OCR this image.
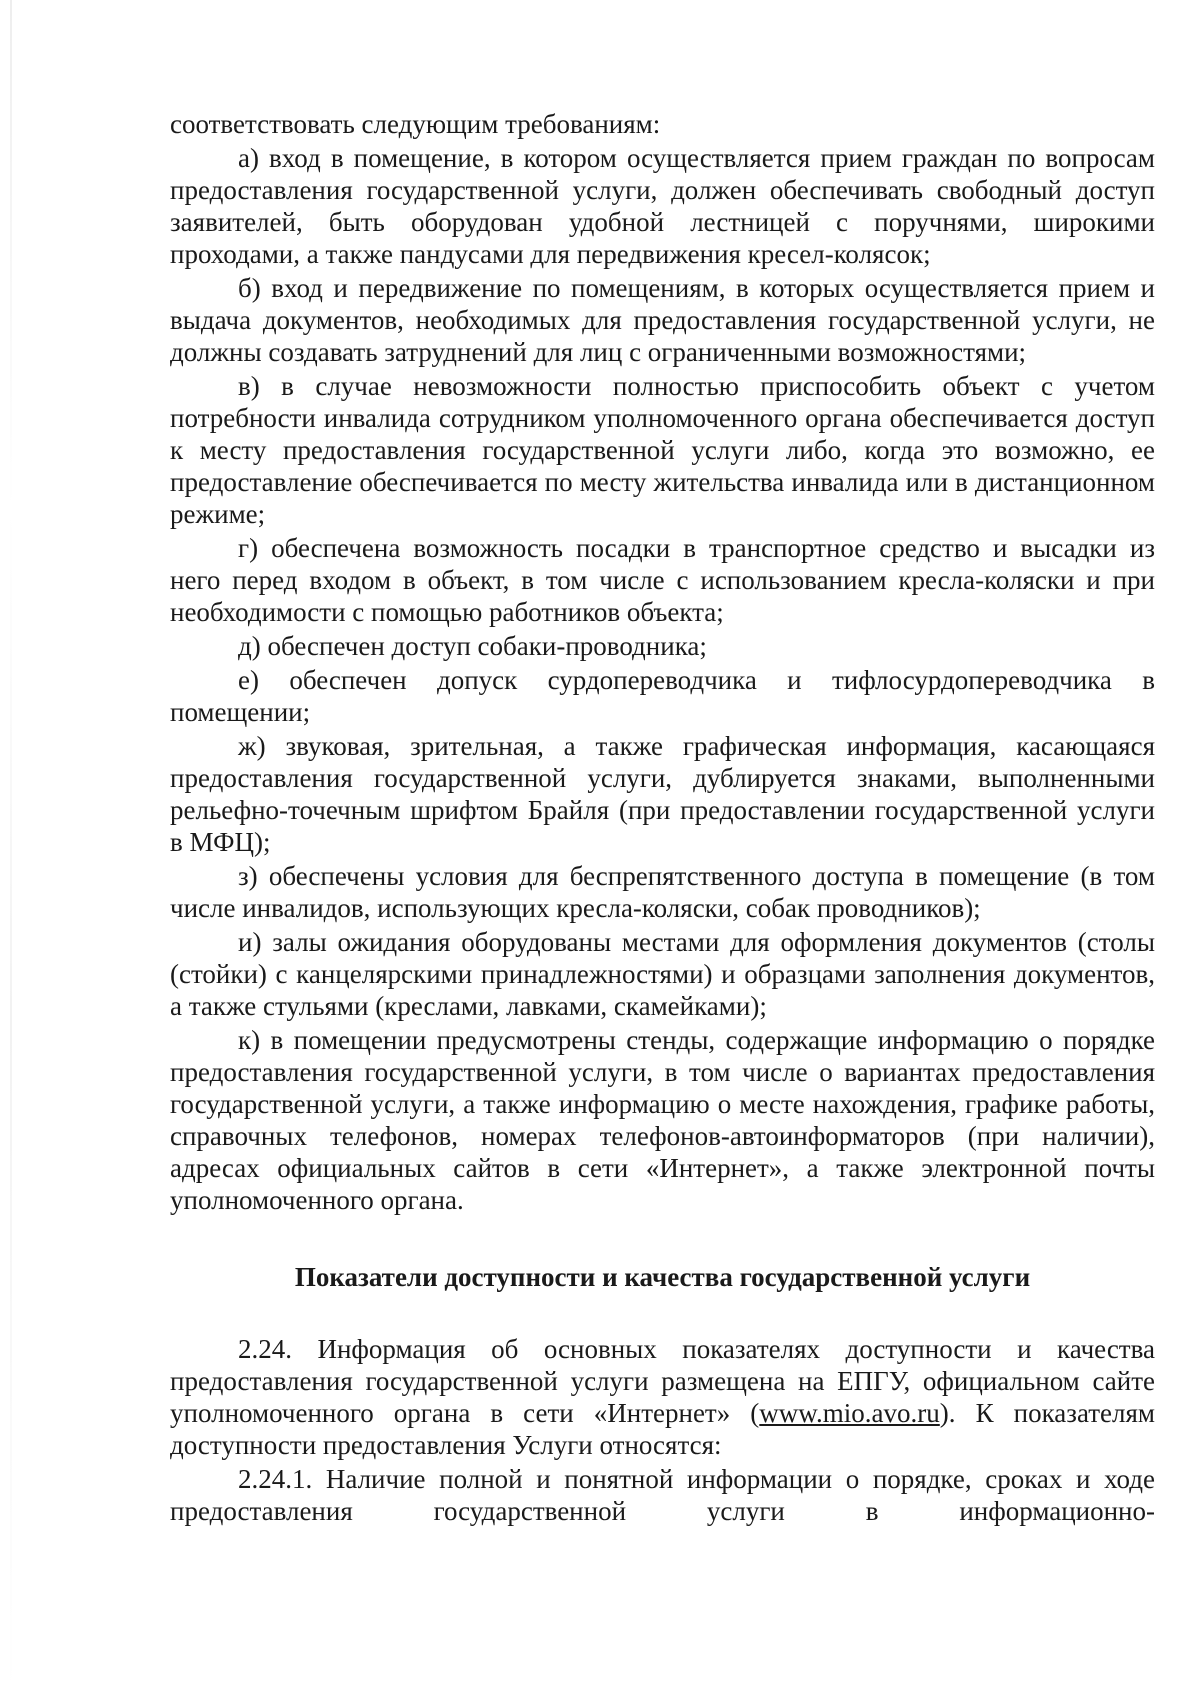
соответствовать следующим требованиям:

а) вход в помещение, в котором осуществляется прием граждан по вопросам предоставления государственной услуги, должен обеспечивать свободный доступ заявителей, быть оборудован удобной лестницей с поручнями, широкими проходами, а также пандусами для передвижения кресел-колясок;

б) вход и передвижение по помещениям, в которых осуществляется прием и выдача документов, необходимых для предоставления государственной услуги, не должны создавать затруднений для лиц с ограниченными возможностями;

в) в случае невозможности полностью приспособить объект с учетом потребности инвалида сотрудником уполномоченного органа обеспечивается доступ к месту предоставления государственной услуги либо, когда это возможно, ее предоставление обеспечивается по месту жительства инвалида или в дистанционном режиме;

г) обеспечена возможность посадки в транспортное средство и высадки из него перед входом в объект, в том числе с использованием кресла-коляски и при необходимости с помощью работников объекта;

д) обеспечен доступ собаки-проводника;

е) обеспечен допуск сурдопереводчика и тифлосурдопереводчика в помещении;

ж) звуковая, зрительная, а также графическая информация, касающаяся предоставления государственной услуги, дублируется знаками, выполненными рельефно-точечным шрифтом Брайля (при предоставлении государственной услуги в МФЦ);

з) обеспечены условия для беспрепятственного доступа в помещение (в том числе инвалидов, использующих кресла-коляски, собак проводников);

и) залы ожидания оборудованы местами для оформления документов (столы (стойки) с канцелярскими принадлежностями) и образцами заполнения документов, а также стульями (креслами, лавками, скамейками);

к) в помещении предусмотрены стенды, содержащие информацию о порядке предоставления государственной услуги, в том числе о вариантах предоставления государственной услуги, а также информацию о месте нахождения, графике работы, справочных телефонов, номерах телефонов-автоинформаторов (при наличии), адресах официальных сайтов в сети «Интернет», а также электронной почты уполномоченного органа.

Показатели доступности и качества государственной услуги

2.24. Информация об основных показателях доступности и качества предоставления государственной услуги размещена на ЕПГУ, официальном сайте уполномоченного органа в сети «Интернет» (www.mio.avo.ru). К показателям доступности предоставления Услуги относятся:

2.24.1. Наличие полной и понятной информации о порядке, сроках и ходе предоставления государственной услуги в информационно-
